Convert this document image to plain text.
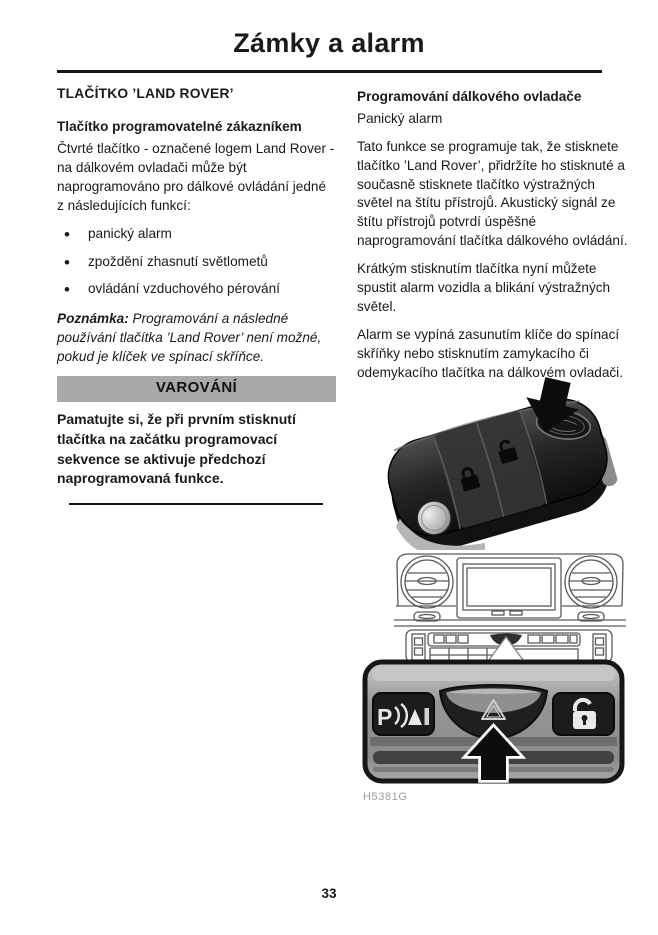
Zámky a alarm
TLAČÍTKO ’LAND ROVER’
Tlačítko programovatelné zákazníkem

Čtvrté tlačítko - označené logem Land Rover - na dálkovém ovladači může být naprogramováno pro dálkové ovládání jedné z následujících funkcí:

• panický alarm
• zpoždění zhasnutí světlometů
• ovládání vzduchového pérování

Poznámka: Programování a následné používání tlačítka ’Land Rover’ není možné, pokud je klíček ve spínací skříňce.

VAROVÁNÍ

Pamatujte si, že při prvním stisknutí tlačítka na začátku programovací sekvence se aktivuje předchozí naprogramovaná funkce.

Programování dálkového ovladače

Panický alarm

Tato funkce se programuje tak, že stisknete tlačítko ’Land Rover’, přidržíte ho stisknuté a současně stisknete tlačítko výstražných světel na štítu přístrojů. Akustický signál ze štítu přístrojů potvrdí úspěšné naprogramování tlačítka dálkového ovládání.

Krátkým stisknutím tlačítka nyní můžete spustit alarm vozidla a blikání výstražných světel.

Alarm se vypíná zasunutím klíče do spínací skříňky nebo stisknutím zamykacího či odemykacího tlačítka na dálkovém ovladači.

P
H5381G
33
